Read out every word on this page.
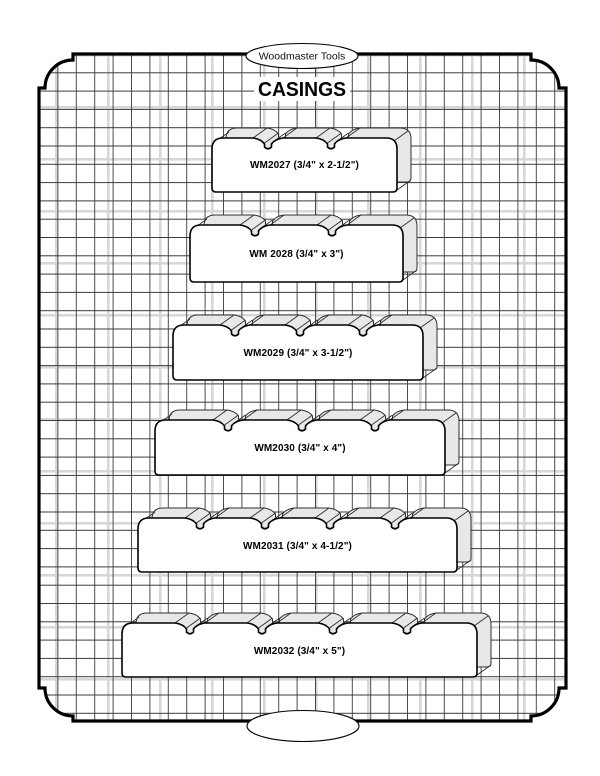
Woodmaster Tools
CASINGS
WM2027 (3/4" x 2-1/2")
WM 2028 (3/4" x 3")
WM2029 (3/4" x 3-1/2")
WM2030 (3/4" x 4")
WM2031 (3/4" x 4-1/2")
WM2032 (3/4" x 5")
